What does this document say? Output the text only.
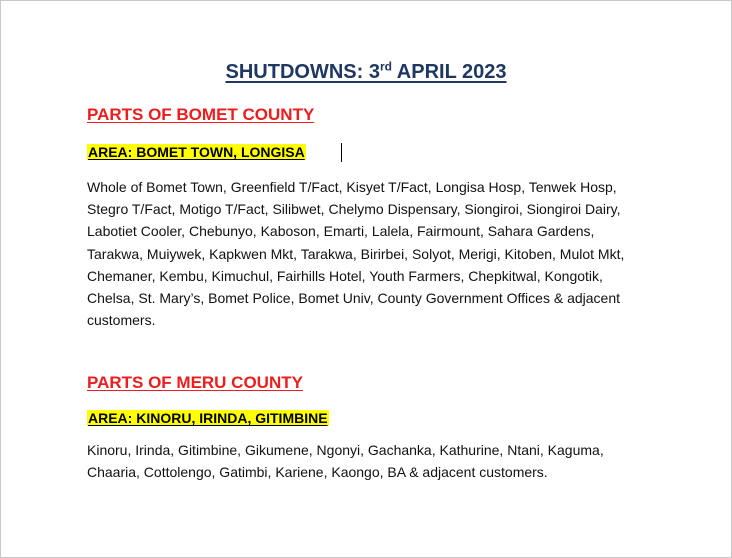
SHUTDOWNS: 3rd APRIL 2023
PARTS OF BOMET COUNTY
AREA: BOMET TOWN, LONGISA
Whole of Bomet Town, Greenfield T/Fact, Kisyet T/Fact, Longisa Hosp, Tenwek Hosp, Stegro T/Fact, Motigo T/Fact, Silibwet, Chelymo Dispensary, Siongiroi, Siongiroi Dairy, Labotiet Cooler, Chebunyo, Kaboson, Emarti, Lalela, Fairmount, Sahara Gardens, Tarakwa, Muiywek, Kapkwen Mkt, Tarakwa, Birirbei, Solyot, Merigi, Kitoben, Mulot Mkt, Chemaner, Kembu, Kimuchul, Fairhills Hotel, Youth Farmers, Chepkitwal, Kongotik, Chelsa, St. Mary’s, Bomet Police, Bomet Univ, County Government Offices & adjacent customers.
PARTS OF MERU COUNTY
AREA: KINORU, IRINDA, GITIMBINE
Kinoru, Irinda, Gitimbine, Gikumene, Ngonyi, Gachanka, Kathurine, Ntani, Kaguma, Chaaria, Cottolengo, Gatimbi, Kariene, Kaongo, BA & adjacent customers.
